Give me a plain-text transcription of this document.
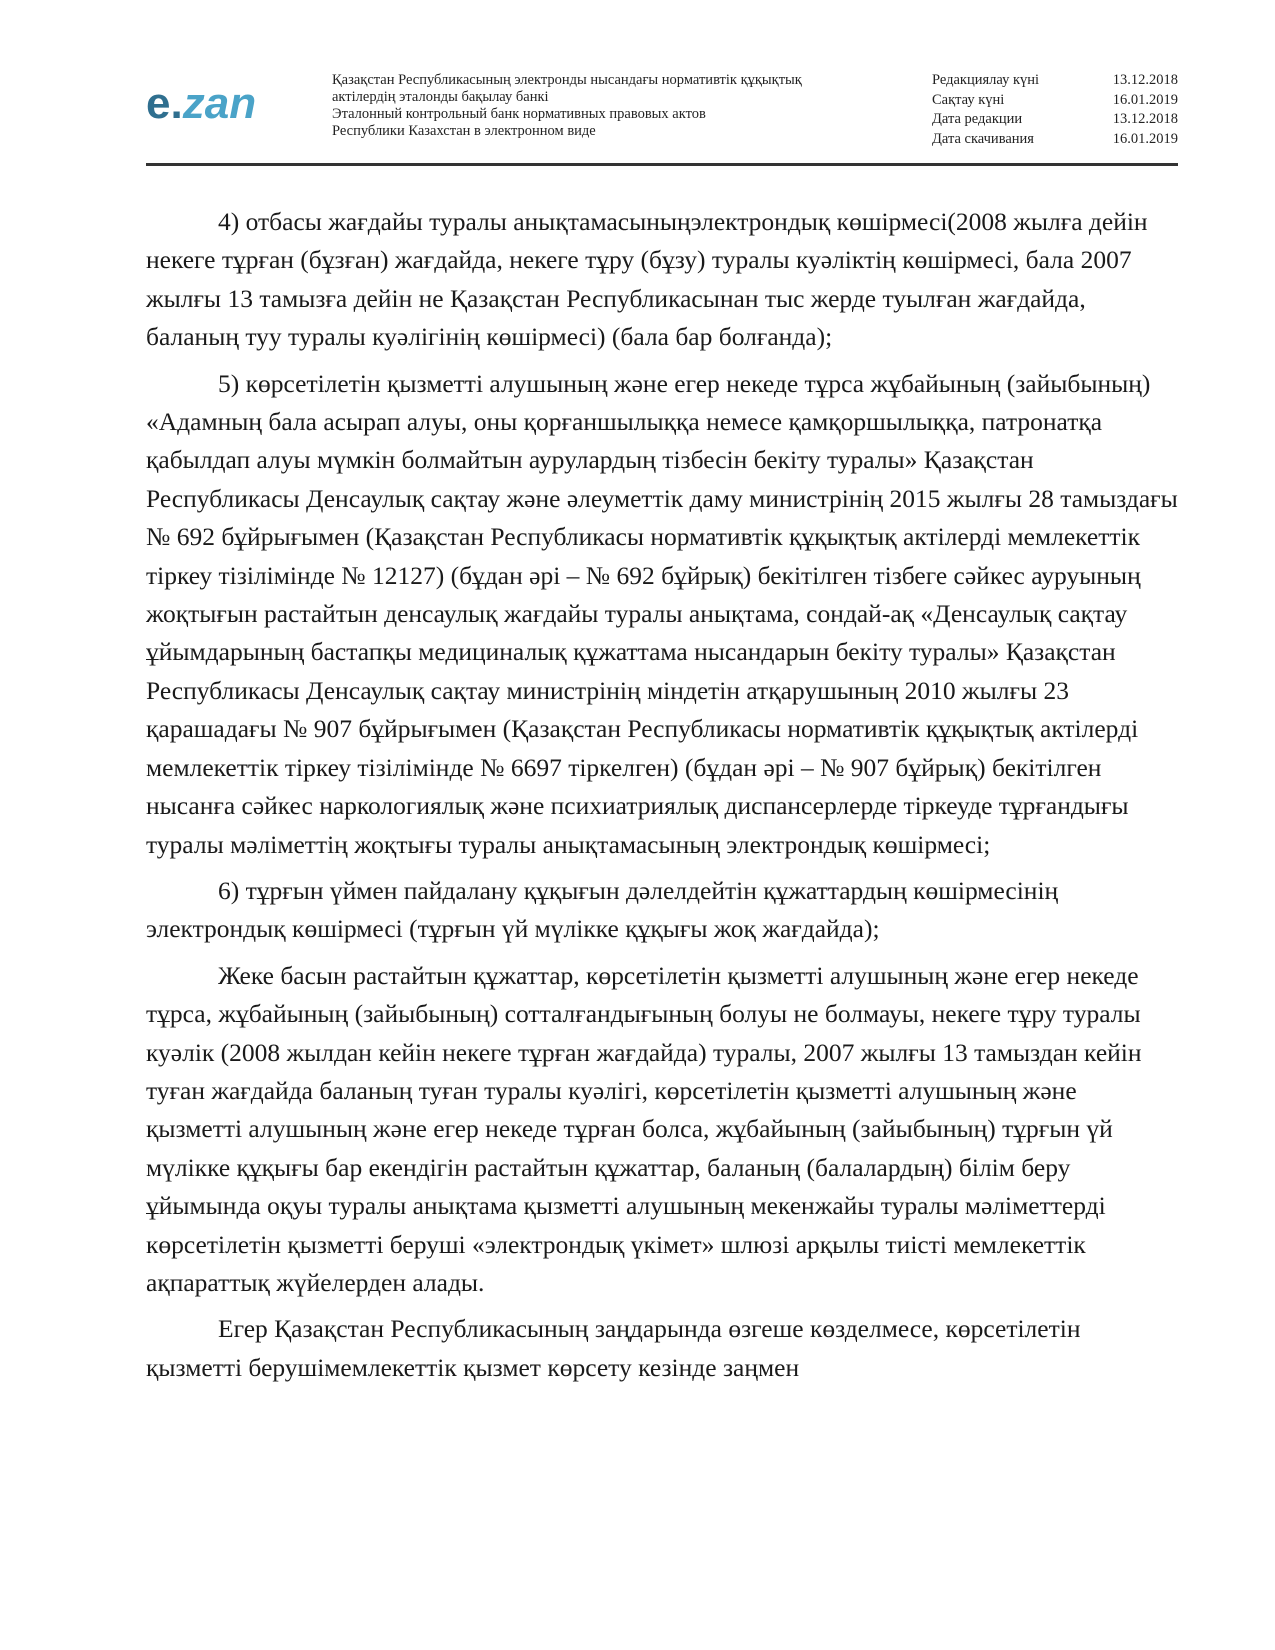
e.zan	Қазақстан Республикасының электронды нысандағы нормативтік құқықтық
актілердің эталонды бақылау банкі
Эталонный контрольный банк нормативных правовых актов
Республики Казахстан в электронном виде
Редакциялау күні	13.12.2018
Сақтау күні	16.01.2019
Дата редакции	13.12.2018
Дата скачивания	16.01.2019

4) отбасы жағдайы туралы анықтамасыныңэлектрондық көшірмесі(2008 жылға дейін некеге тұрған (бұзған) жағдайда, некеге тұру (бұзу) туралы куәліктің көшірмесі, бала 2007 жылғы 13 тамызға дейін не Қазақстан Республикасынан тыс жерде туылған жағдайда, баланың туу туралы куәлігінің көшірмесі) (бала бар болғанда);

5) көрсетілетін қызметті алушының және егер некеде тұрса жұбайының (зайыбының) «Адамның бала асырап алуы, оны қорғаншылыққа немесе қамқоршылыққа, патронатқа қабылдап алуы мүмкін болмайтын аурулардың тізбесін бекіту туралы» Қазақстан Республикасы Денсаулық сақтау және әлеуметтік даму министрінің 2015 жылғы 28 тамыздағы № 692 бұйрығымен (Қазақстан Республикасы нормативтік құқықтық актілерді мемлекеттік тіркеу тізілімінде № 12127) (бұдан әрі – № 692 бұйрық) бекітілген тізбеге сәйкес ауруының жоқтығын растайтын денсаулық жағдайы туралы анықтама, сондай-ақ «Денсаулық сақтау ұйымдарының бастапқы медициналық құжаттама нысандарын бекіту туралы» Қазақстан Республикасы Денсаулық сақтау министрінің міндетін атқарушының 2010 жылғы 23 қарашадағы № 907 бұйрығымен (Қазақстан Республикасы нормативтік құқықтық актілерді мемлекеттік тіркеу тізілімінде № 6697 тіркелген) (бұдан әрі – № 907 бұйрық) бекітілген нысанға сәйкес наркологиялық және психиатриялық диспансерлерде тіркеуде тұрғандығы туралы мәліметтің жоқтығы туралы анықтамасының электрондық көшірмесі;

6) тұрғын үймен пайдалану құқығын дәлелдейтін құжаттардың көшірмесінің электрондық көшірмесі (тұрғын үй мүлікке құқығы жоқ жағдайда);

Жеке басын растайтын құжаттар, көрсетілетін қызметті алушының және егер некеде тұрса, жұбайының (зайыбының) сотталғандығының болуы не болмауы, некеге тұру туралы куәлік (2008 жылдан кейін некеге тұрған жағдайда) туралы, 2007 жылғы 13 тамыздан кейін туған жағдайда баланың туған туралы куәлігі, көрсетілетін қызметті алушының және қызметті алушының және егер некеде тұрған болса, жұбайының (зайыбының) тұрғын үй мүлікке құқығы бар екендігін растайтын құжаттар, баланың (балалардың) білім беру ұйымында оқуы туралы анықтама қызметті алушының мекенжайы туралы мәліметтерді көрсетілетін қызметті беруші «электрондық үкімет» шлюзі арқылы тиісті мемлекеттік ақпараттық жүйелерден алады.

Егер Қазақстан Республикасының заңдарында өзгеше көзделмесе, көрсетілетін қызметті берушімемлекеттік қызмет көрсету кезінде заңмен
